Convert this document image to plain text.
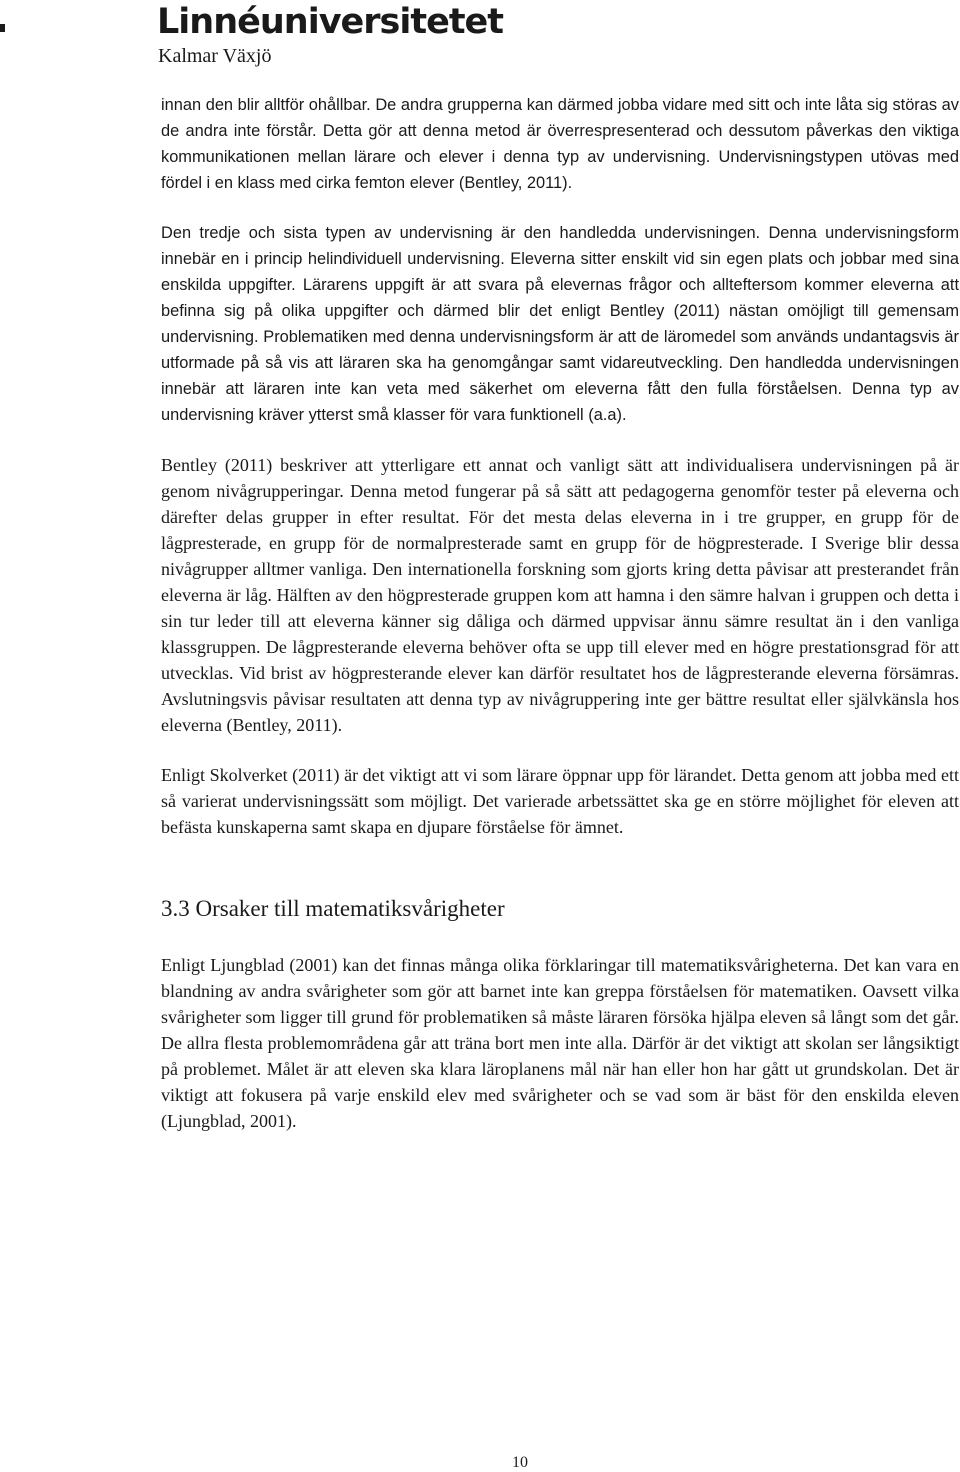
Linnéuniversitetet
Kalmar Växjö

innan den blir alltför ohållbar. De andra grupperna kan därmed jobba vidare med sitt och inte låta sig störas av de andra inte förstår. Detta gör att denna metod är överrespresenterad och dessutom påverkas den viktiga kommunikationen mellan lärare och elever i denna typ av undervisning. Undervisningstypen utövas med fördel i en klass med cirka femton elever (Bentley, 2011).

Den tredje och sista typen av undervisning är den handledda undervisningen. Denna undervisningsform innebär en i princip helindividuell undervisning. Eleverna sitter enskilt vid sin egen plats och jobbar med sina enskilda uppgifter. Lärarens uppgift är att svara på elevernas frågor och allteftersom kommer eleverna att befinna sig på olika uppgifter och därmed blir det enligt Bentley (2011) nästan omöjligt till gemensam undervisning. Problematiken med denna undervisningsform är att de läromedel som används undantagsvis är utformade på så vis att läraren ska ha genomgångar samt vidareutveckling. Den handledda undervisningen innebär att läraren inte kan veta med säkerhet om eleverna fått den fulla förståelsen. Denna typ av undervisning kräver ytterst små klasser för vara funktionell (a.a).

Bentley (2011) beskriver att ytterligare ett annat och vanligt sätt att individualisera undervisningen på är genom nivågrupperingar. Denna metod fungerar på så sätt att pedagogerna genomför tester på eleverna och därefter delas grupper in efter resultat. För det mesta delas eleverna in i tre grupper, en grupp för de lågpresterade, en grupp för de normalpresterade samt en grupp för de högpresterade. I Sverige blir dessa nivågrupper alltmer vanliga. Den internationella forskning som gjorts kring detta påvisar att presterandet från eleverna är låg. Hälften av den högpresterade gruppen kom att hamna i den sämre halvan i gruppen och detta i sin tur leder till att eleverna känner sig dåliga och därmed uppvisar ännu sämre resultat än i den vanliga klassgruppen. De lågpresterande eleverna behöver ofta se upp till elever med en högre prestationsgrad för att utvecklas. Vid brist av högpresterande elever kan därför resultatet hos de lågpresterande eleverna försämras. Avslutningsvis påvisar resultaten att denna typ av nivågruppering inte ger bättre resultat eller självkänsla hos eleverna (Bentley, 2011).

Enligt Skolverket (2011) är det viktigt att vi som lärare öppnar upp för lärandet. Detta genom att jobba med ett så varierat undervisningssätt som möjligt. Det varierade arbetssättet ska ge en större möjlighet för eleven att befästa kunskaperna samt skapa en djupare förståelse för ämnet.

3.3 Orsaker till matematiksvårigheter

Enligt Ljungblad (2001) kan det finnas många olika förklaringar till matematiksvårigheterna. Det kan vara en blandning av andra svårigheter som gör att barnet inte kan greppa förståelsen för matematiken. Oavsett vilka svårigheter som ligger till grund för problematiken så måste läraren försöka hjälpa eleven så långt som det går. De allra flesta problemområdena går att träna bort men inte alla. Därför är det viktigt att skolan ser långsiktigt på problemet. Målet är att eleven ska klara läroplanens mål när han eller hon har gått ut grundskolan. Det är viktigt att fokusera på varje enskild elev med svårigheter och se vad som är bäst för den enskilda eleven (Ljungblad, 2001).

10
